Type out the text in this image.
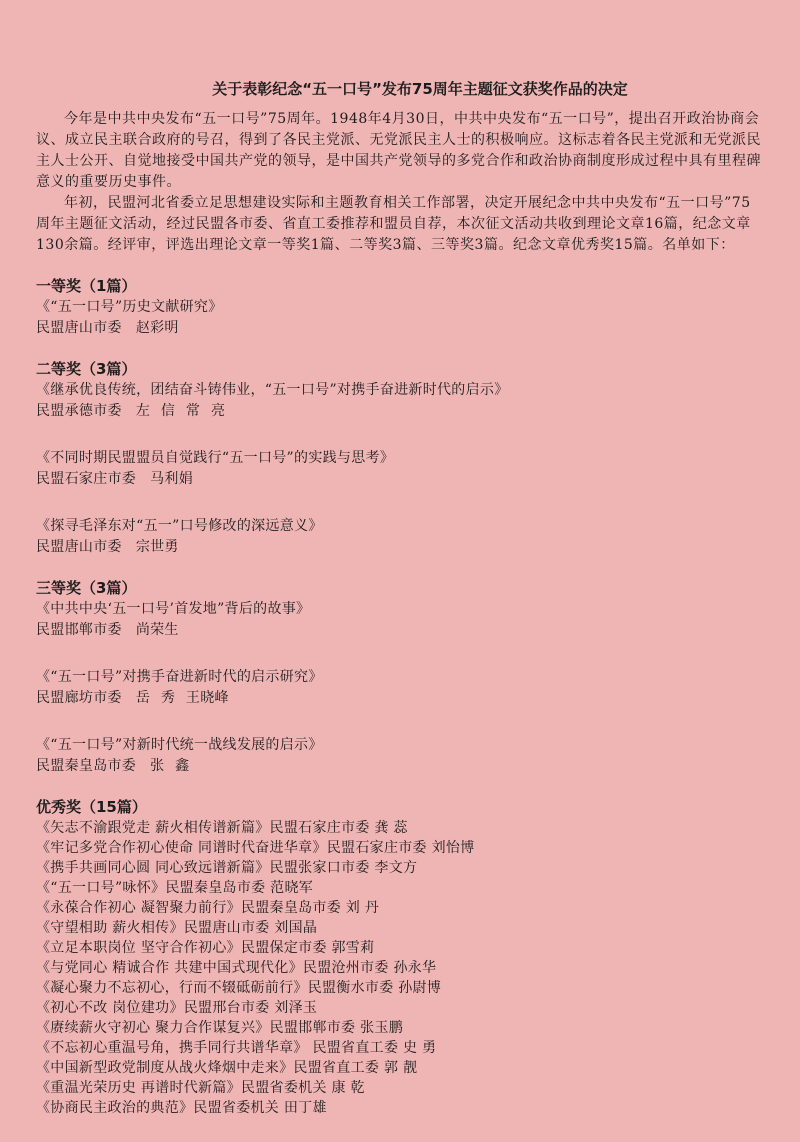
关于表彰纪念“五一口号”发布75周年主题征文获奖作品的决定

今年是中共中央发布“五一口号”75周年。1948年4月30日，中共中央发布“五一口号”，提出召开政治协商会议、成立民主联合政府的号召，得到了各民主党派、无党派民主人士的积极响应。这标志着各民主党派和无党派民主人士公开、自觉地接受中国共产党的领导，是中国共产党领导的多党合作和政治协商制度形成过程中具有里程碑意义的重要历史事件。

年初，民盟河北省委立足思想建设实际和主题教育相关工作部署，决定开展纪念中共中央发布“五一口号”75周年主题征文活动，经过民盟各市委、省直工委推荐和盟员自荐，本次征文活动共收到理论文章16篇，纪念文章130余篇。经评审，评选出理论文章一等奖1篇、二等奖3篇、三等奖3篇。纪念文章优秀奖15篇。名单如下：

一等奖（1篇）
《“五一口号”历史文献研究》
民盟唐山市委 赵彩明
二等奖（3篇）
《继承优良传统，团结奋斗铸伟业，“五一口号”对携手奋进新时代的启示》
民盟承德市委 左 信 常 亮
《不同时期民盟盟员自觉践行“五一口号”的实践与思考》
民盟石家庄市委 马利娟
《探寻毛泽东对“五一”口号修改的深远意义》
民盟唐山市委 宗世勇
三等奖（3篇）
《中共中央‘五一口号’首发地”背后的故事》
民盟邯郸市委 尚荣生
《“五一口号”对携手奋进新时代的启示研究》
民盟廊坊市委 岳 秀 王晓峰
《“五一口号”对新时代统一战线发展的启示》
民盟秦皇岛市委 张 鑫
优秀奖（15篇）
《矢志不渝跟党走 薪火相传谱新篇》民盟石家庄市委 龚 蕊
《牢记多党合作初心使命 同谱时代奋进华章》民盟石家庄市委 刘怡博
《携手共画同心圆 同心致远谱新篇》民盟张家口市委 李文方
《“五一口号”咏怀》民盟秦皇岛市委 范晓军
《永葆合作初心 凝智聚力前行》民盟秦皇岛市委 刘 丹
《守望相助 薪火相传》民盟唐山市委 刘国晶
《立足本职岗位 坚守合作初心》民盟保定市委 郭雪莉
《与党同心 精诚合作 共建中国式现代化》民盟沧州市委 孙永华
《凝心聚力不忘初心，行而不辍砥砺前行》民盟衡水市委 孙尉博
《初心不改 岗位建功》民盟邢台市委 刘泽玉
《赓续薪火守初心 聚力合作谋复兴》民盟邯郸市委 张玉鹏
《不忘初心重温号角，携手同行共谱华章》 民盟省直工委 史 勇
《中国新型政党制度从战火烽烟中走来》民盟省直工委 郭 靓
《重温光荣历史 再谱时代新篇》民盟省委机关 康 乾
《协商民主政治的典范》民盟省委机关 田丁雄
